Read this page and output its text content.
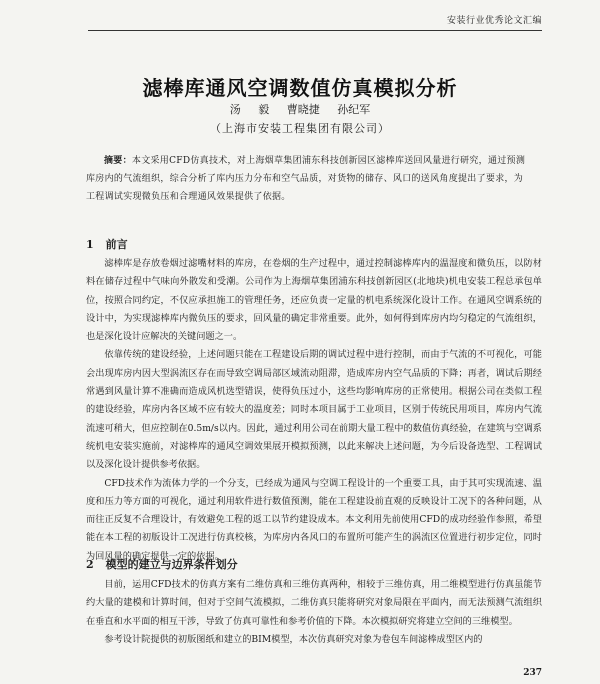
安装行业优秀论文汇编
滤棒库通风空调数值仿真模拟分析
汤 毅 曹晓捷 孙纪军
（上海市安装工程集团有限公司）
摘要：本文采用CFD仿真技术，对上海烟草集团浦东科技创新园区滤棒库送回风量进行研究，通过预测库房内的气流组织，综合分析了库内压力分布和空气品质，对货物的储存、风口的送风角度提出了要求，为工程调试实现微负压和合理通风效果提供了依据。
1 前言

滤棒库是存放卷烟过滤嘴材料的库房，在卷烟的生产过程中，通过控制滤棒库内的温湿度和微负压，以防材料在储存过程中气味向外散发和受潮。公司作为上海烟草集团浦东科技创新园区(北地块)机电安装工程总承包单位，按照合同约定，不仅应承担施工的管理任务，还应负责一定量的机电系统深化设计工作。在通风空调系统的设计中，为实现滤棒库内微负压的要求，回风量的确定非常重要。此外，如何得到库房内均匀稳定的气流组织，也是深化设计应解决的关键问题之一。

依靠传统的建设经验，上述问题只能在工程建设后期的调试过程中进行控制，而由于气流的不可视化，可能会出现库房内因大型涡流区存在而导致空调局部区域流动阻滞，造成库房内空气品质的下降；再者，调试后期经常遇到风量计算不准确而造成风机选型错误，使得负压过小，这些均影响库房的正常使用。根据公司在类似工程的建设经验，库房内各区域不应有较大的温度差；同时本项目属于工业项目，区别于传统民用项目，库房内气流流速可稍大，但应控制在0.5m/s以内。因此，通过利用公司在前期大量工程中的数值仿真经验，在建筑与空调系统机电安装实施前，对滤棒库的通风空调效果展开模拟预测，以此来解决上述问题，为今后设备选型、工程调试以及深化设计提供参考依据。

CFD技术作为流体力学的一个分支，已经成为通风与空调工程设计的一个重要工具，由于其可实现流速、温度和压力等方面的可视化，通过利用软件进行数值预测，能在工程建设前直观的反映设计工况下的各种问题，从而往正反复不合理设计，有效避免工程的返工以节约建设成本。本文利用先前使用CFD的成功经验作参照，希望能在本工程的初版设计工况进行仿真校核，为库房内各风口的布置所可能产生的涡流区位置进行初步定位，同时为回风量的确定提供一定的依据。

2 模型的建立与边界条件划分

目前，运用CFD技术的仿真方案有二维仿真和三维仿真两种，相较于三维仿真，用二维模型进行仿真虽能节约大量的建模和计算时间，但对于空间气流模拟，二维仿真只能将研究对象局限在平面内，而无法预测气流组织在垂直和水平面的相互干涉，导致了仿真可靠性和参考价值的下降。本次模拟研究将建立空间的三维模型。

参考设计院提供的初版图纸和建立的BIM模型，本次仿真研究对象为卷包车间滤棒成型区内的

237
